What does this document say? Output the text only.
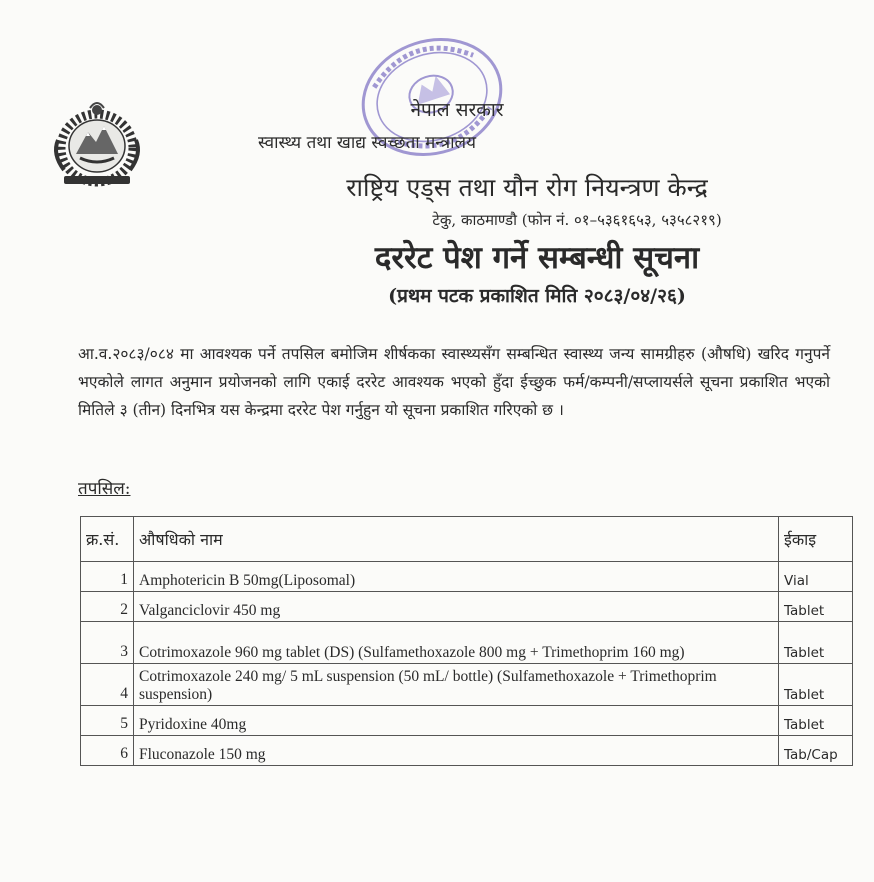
नेपाल सरकार
स्वास्थ्य तथा खाद्य स्वच्छता मन्त्रालय
राष्ट्रिय एड्स तथा यौन रोग नियन्त्रण केन्द्र
टेकु, काठमाण्डौ (फोन नं. ०१–५३६१६५३, ५३५८२१९)
दररेट पेश गर्ने सम्बन्धी सूचना
(प्रथम पटक प्रकाशित मिति २०८३/०४/२६)
आ.व.२०८३/०८४ मा आवश्यक पर्ने तपसिल बमोजिम शीर्षकका स्वास्थ्यसँग सम्बन्धित स्वास्थ्य जन्य सामग्रीहरु (औषधि) खरिद गनुपर्ने भएकोले लागत अनुमान प्रयोजनको लागि एकाई दररेट आवश्यक भएको हुँदा ईच्छुक फर्म/कम्पनी/सप्लायर्सले सूचना प्रकाशित भएको मितिले ३ (तीन) दिनभित्र यस केन्द्रमा दररेट पेश गर्नुहुन यो सूचना प्रकाशित गरिएको छ ।
तपसिल:
क्र.सं.	औषधिको नाम	ईकाइ
1	Amphotericin B 50mg(Liposomal)	Vial
2	Valganciclovir 450 mg	Tablet
3	Cotrimoxazole 960 mg tablet (DS) (Sulfamethoxazole 800 mg + Trimethoprim 160 mg)	Tablet
4	Cotrimoxazole 240 mg/ 5 mL suspension (50 mL/ bottle) (Sulfamethoxazole + Trimethoprim suspension)	Tablet
5	Pyridoxine 40mg	Tablet
6	Fluconazole 150 mg	Tab/Cap
